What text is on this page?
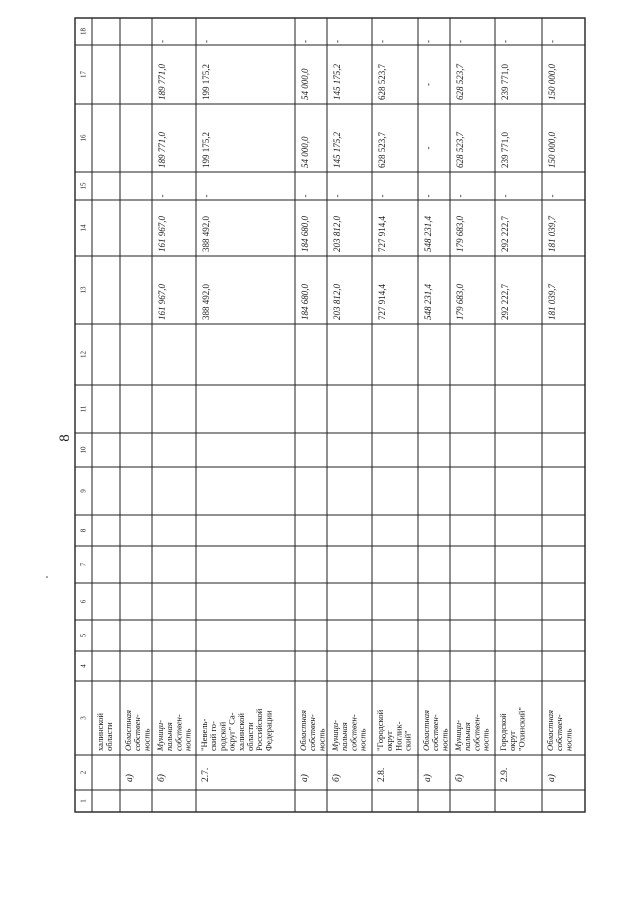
1
2
3
4
5
6
7
8
9
10
11
12
13
14
15
16
17
18
халинской области
а)
Областная собствен- ность
б)
Муници- пальная собствен- ность
161 967,0
161 967,0
-
189 771,0
189 771,0
-
2.7.
"Невель- ский го- родской округ" Са- халинской области Российской Федерации
388 492,0
388 492,0
-
199 175,2
199 175,2
-
а)
Областная собствен- ность
184 680,0
184 680,0
-
54 000,0
54 000,0
-
б)
Муници- пальная собствен- ность
203 812,0
203 812,0
-
145 175,2
145 175,2
-
2.8.
"Городской округ Ноглик- ский"
727 914,4
727 914,4
-
628 523,7
628 523,7
-
а)
Областная собствен- ность
548 231,4
548 231,4
-
-
-
-
б)
Муници- пальная собствен- ность
179 683,0
179 683,0
-
628 523,7
628 523,7
-
2.9.
Городской округ "Охинский"
292 222,7
292 222,7
-
239 771,0
239 771,0
-
а)
Областная собствен- ность
181 039,7
181 039,7
-
150 000,0
150 000,0
-
8
